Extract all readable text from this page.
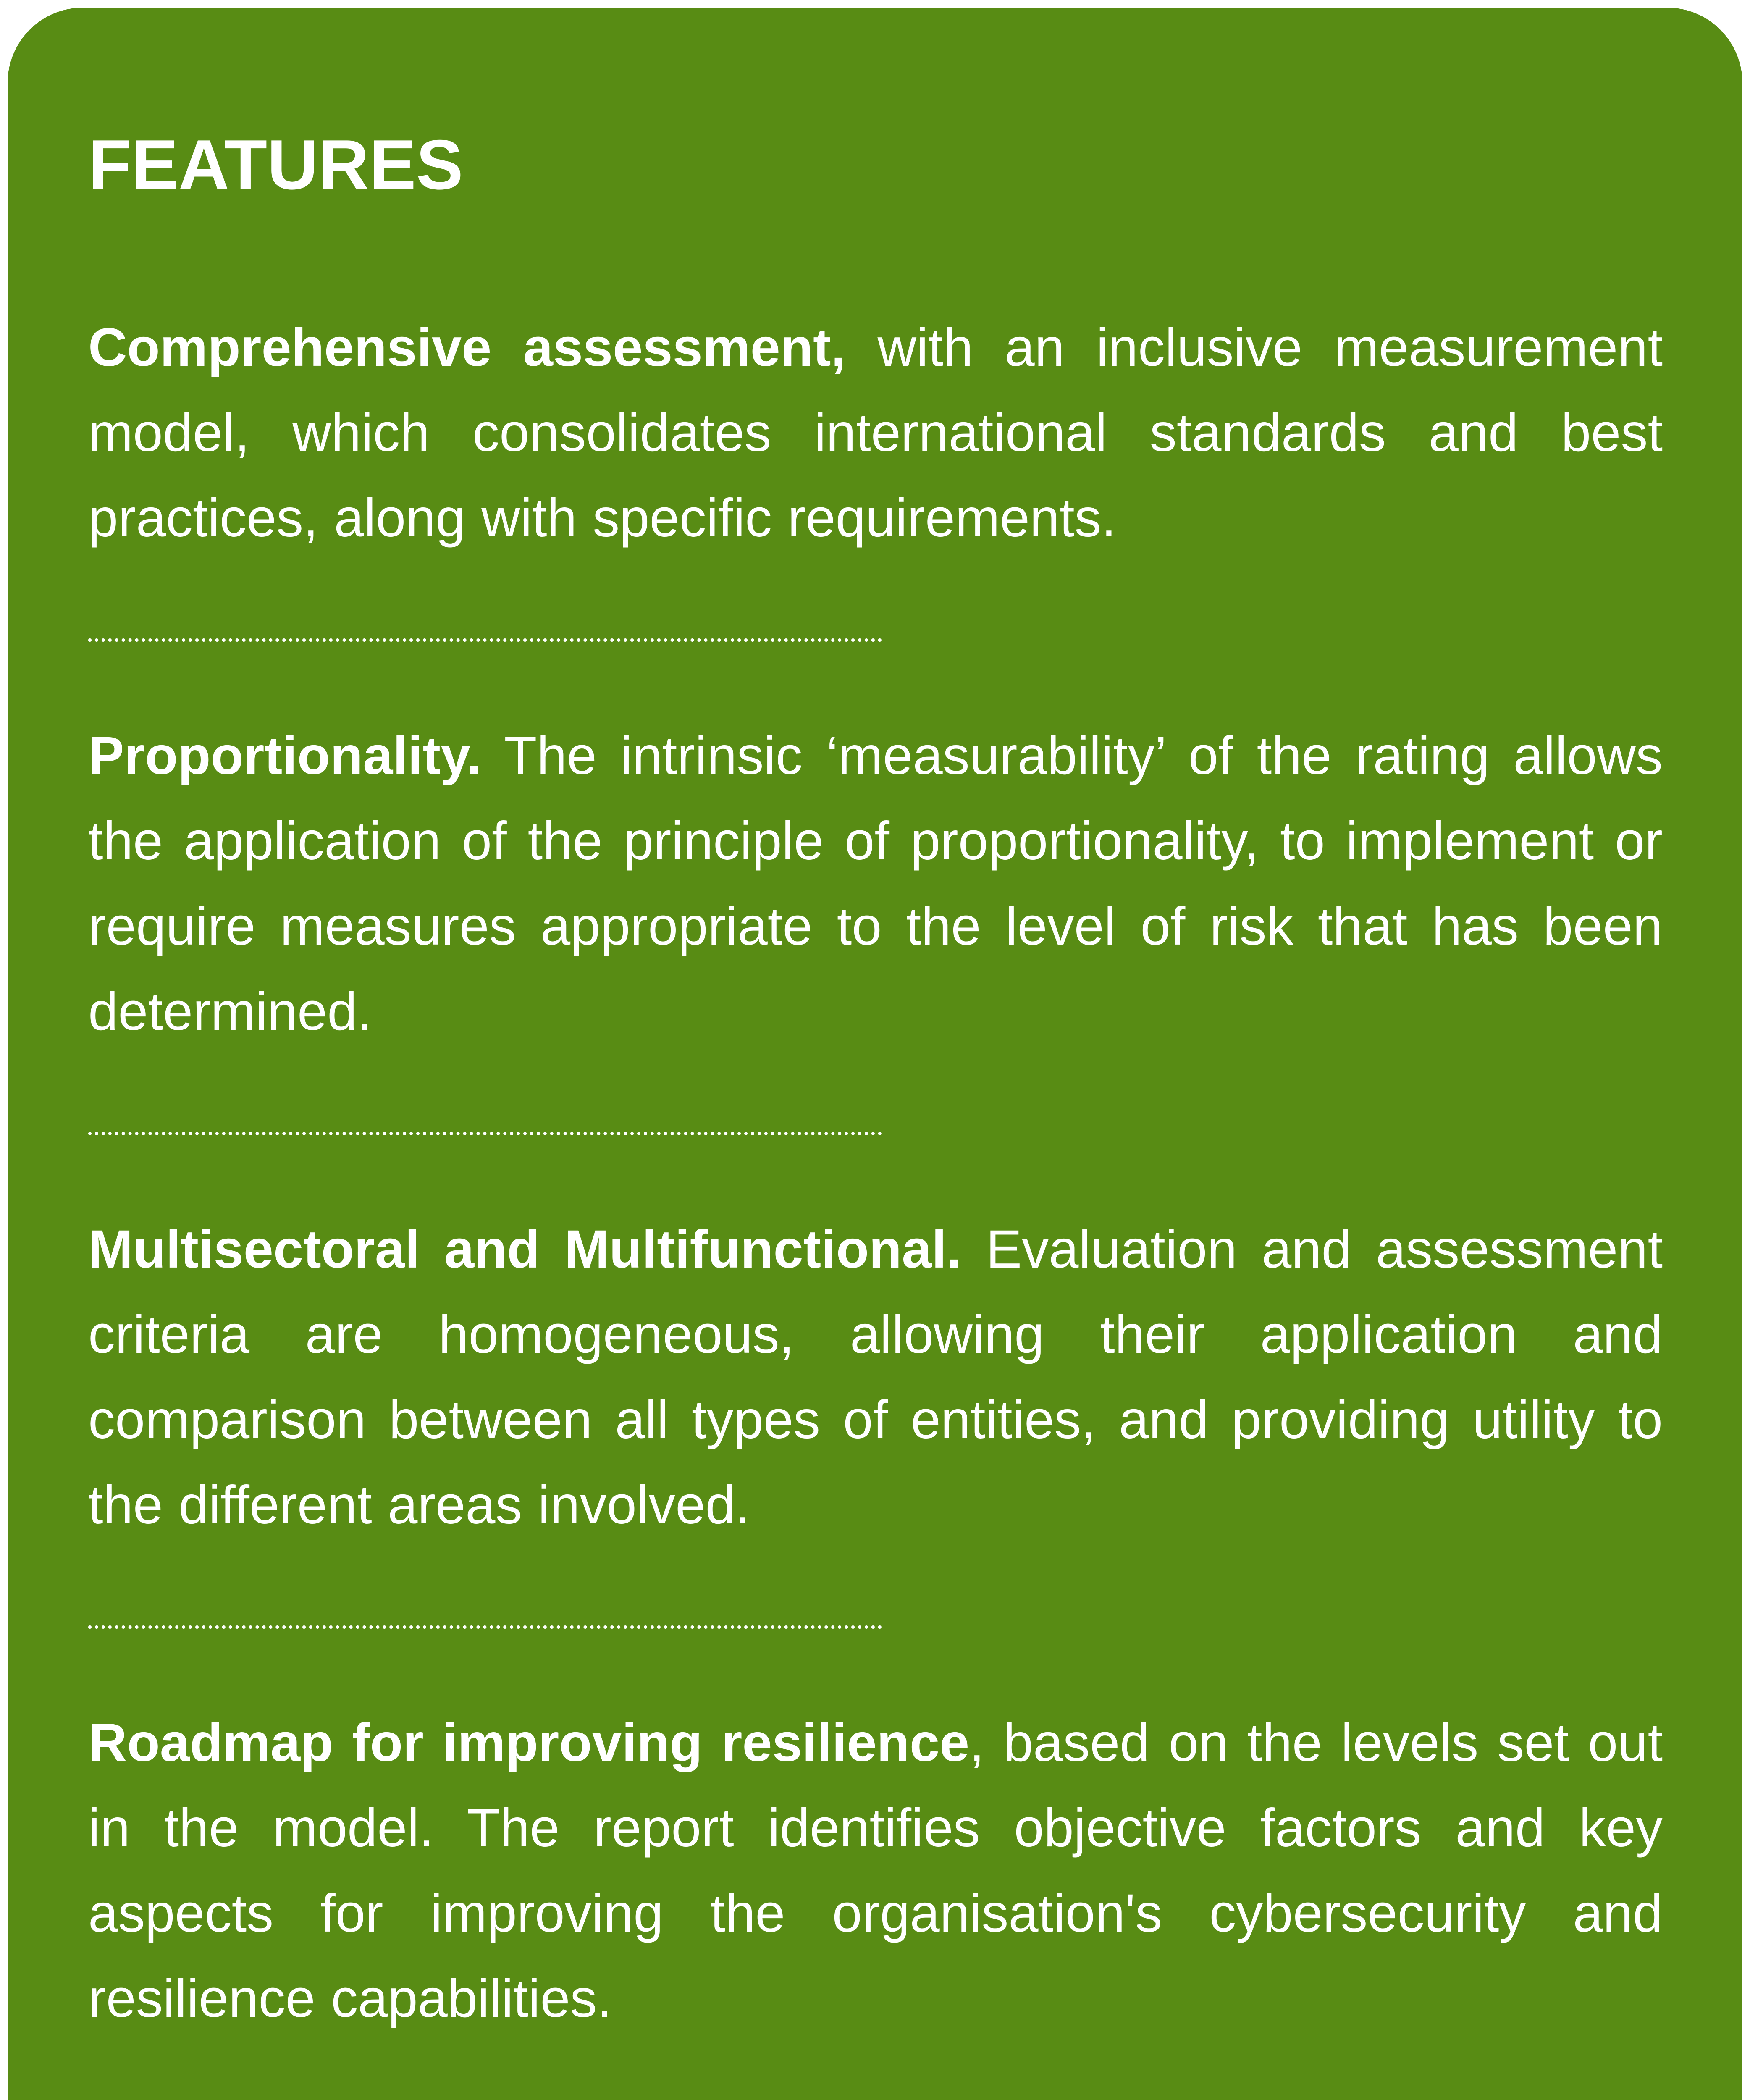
FEATURES

Comprehensive assessment, with an inclusive measurement model, which consolidates international standards and best practices, along with specific requirements.

Proportionality. The intrinsic ‘measurability’ of the rating allows the application of the principle of proportionality, to implement or require measures appropriate to the level of risk that has been determined.

Multisectoral and Multifunctional. Evaluation and assessment criteria are homogeneous, allowing their application and comparison between all types of entities, and providing utility to the different areas involved.

Roadmap for improving resilience, based on the levels set out in the model. The report identifies objective factors and key aspects for improving the organisation's cybersecurity and resilience capabilities.
